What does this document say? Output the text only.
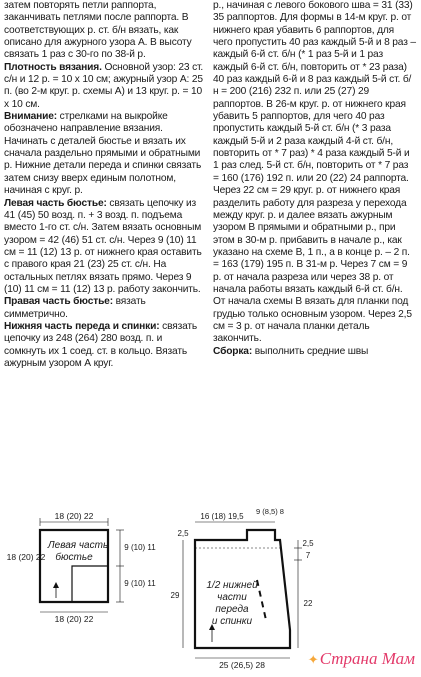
затем повторять петли раппорта, заканчивать петлями после раппорта. В соответствующих р. ст. б/н вязать, как описано для ажурного узора А. В высоту связать 1 раз с 30-го по 38-й р.

Плотность вязания. Основной узор: 23 ст. с/н и 12 р. = 10 х 10 см; ажурный узор А: 25 п. (во 2-м круг. р. схемы А) и 13 круг. р. = 10 х 10 см.

Внимание: стрелками на выкройке обозначено направление вязания. Начинать с деталей бюстье и вязать их сначала раздельно прямыми и обратными р. Нижние детали переда и спинки связать затем снизу вверх единым полотном, начиная с круг. р.

Левая часть бюстье: связать цепочку из 41 (45) 50 возд. п. + 3 возд. п. подъема вместо 1-го ст. с/н. Затем вязать основным узором = 42 (46) 51 ст. с/н. Через 9 (10) 11 см = 11 (12) 13 р. от нижнего края оставить с правого края 21 (23) 25 ст. с/н. На остальных петлях вязать прямо. Через 9 (10) 11 см = 11 (12) 13 р. работу закончить.

Правая часть бюстье: вязать симметрично.

Нижняя часть переда и спинки: связать цепочку из 248 (264) 280 возд. п. и сомкнуть их 1 соед. ст. в кольцо. Вязать ажурным узором А круг.

р., начиная с левого бокового шва = 31 (33) 35 раппортов. Для формы в 14-м круг. р. от нижнего края убавить 6 раппортов, для чего пропустить 40 раз каждый 5-й и 8 раз – каждый 6-й ст. б/н (* 1 раз 5-й и 1 раз каждый 6-й ст. б/н, повторить от * 23 раза) 40 раз каждый 6-й и 8 раз каждый 5-й ст. б/н = 200 (216) 232 п. или 25 (27) 29 раппортов. В 26-м круг. р. от нижнего края убавить 5 раппортов, для чего 40 раз пропустить каждый 5-й ст. б/н (* 3 раза каждый 5-й и 2 раза каждый 4-й ст. б/н, повторить от * 7 раз) * 4 раза каждый 5-й и 1 раз след. 5-й ст. б/н, повторить от * 7 раз = 160 (176) 192 п. или 20 (22) 24 раппорта. Через 22 см = 29 круг. р. от нижнего края разделить работу для разреза у перехода между круг. р. и далее вязать ажурным узором В прямыми и обратными р., при этом в 30-м р. прибавить в начале р., как указано на схеме В, 1 п., а в конце р. – 2 п. = 163 (179) 195 п. В 31-м р. Через 7 см = 9 р. от начала разреза или через 38 р. от начала работы вязать каждый 6-й ст. б/н. От начала схемы В вязать для планки под грудью только основным узором. Через 2,5 см = 3 р. от начала планки деталь закончить.

Сборка: выполнить средние швы

Левая часть
бюстье
18 (20) 22
18 (20) 22
9 (10) 11
9 (10) 11
18 (20) 22
1/2 нижней
части
переда
и спинки
16 (18) 19,5
9 (8,5) 8
2,5
2,5
7
29
22
25 (26,5) 28	✦Страна Мам
